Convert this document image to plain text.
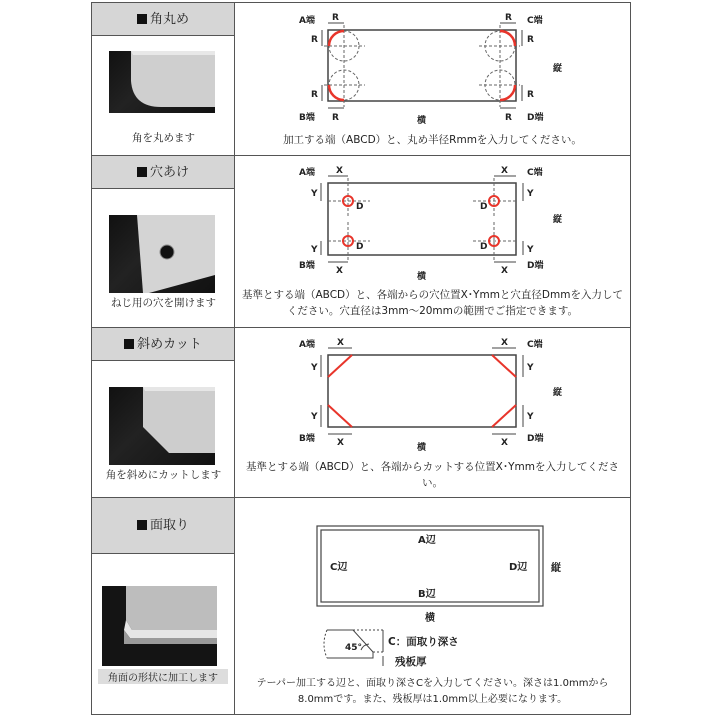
角丸め
角を丸めます
A端	C端
B端	D端
R	R
R	R
R	R
R	R
横
縦
加工する端（ABCD）と、丸め半径Rmmを入力してください。
穴あけ
ねじ用の穴を開けます
A端	C端
B端	D端
X	X
X	X
Y	Y
Y	Y
D	D
D	D
横
縦
基準とする端（ABCD）と、各端からの穴位置X･Ymmと穴直径Dmmを入力してください。穴直径は3mm～20mmの範囲でご指定できます。
斜めカット
角を斜めにカットします
A端	C端
B端	D端
X	X
X	X
Y	Y
Y	Y
横
縦
基準とする端（ABCD）と、各端からカットする位置X･Ymmを入力してください。
面取り
角面の形状に加工します
A辺
C辺	D辺
B辺
横
縦
45° C：面取り深さ
残板厚
テーパー加工する辺と、面取り深さCを入力してください。深さは1.0mmから8.0mmです。また、残板厚は1.0mm以上必要になります。
